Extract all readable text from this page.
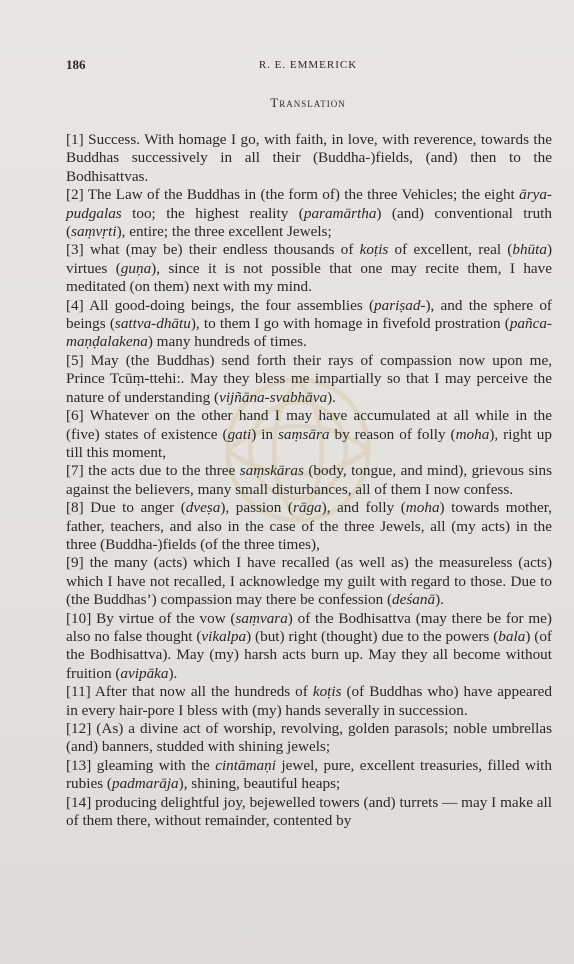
186	R. E. EMMERICK
Translation

[1] Success. With homage I go, with faith, in love, with reverence, towards the Buddhas successively in all their (Buddha-)fields, (and) then to the Bodhisattvas.

[2] The Law of the Buddhas in (the form of) the three Vehicles; the eight ārya-pudgalas too; the highest reality (paramārtha) (and) conventional truth (saṃvṛti), entire; the three excellent Jewels;

[3] what (may be) their endless thousands of koṭis of excellent, real (bhūta) virtues (guṇa), since it is not possible that one may recite them, I have meditated (on them) next with my mind.

[4] All good-doing beings, the four assemblies (pariṣad-), and the sphere of beings (sattva-dhātu), to them I go with homage in fivefold prostration (pañca-maṇḍalakena) many hundreds of times.

[5] May (the Buddhas) send forth their rays of compassion now upon me, Prince Tcūṃ-ttehi:. May they bless me impartially so that I may perceive the nature of understanding (vijñāna-svabhāva).

[6] Whatever on the other hand I may have accumulated at all while in the (five) states of existence (gati) in saṃsāra by reason of folly (moha), right up till this moment,

[7] the acts due to the three saṃskāras (body, tongue, and mind), grievous sins against the believers, many small disturbances, all of them I now confess.

[8] Due to anger (dveṣa), passion (rāga), and folly (moha) towards mother, father, teachers, and also in the case of the three Jewels, all (my acts) in the three (Buddha-)fields (of the three times),

[9] the many (acts) which I have recalled (as well as) the measureless (acts) which I have not recalled, I acknowledge my guilt with regard to those. Due to (the Buddhas’) compassion may there be confession (deśanā).

[10] By virtue of the vow (saṃvara) of the Bodhisattva (may there be for me) also no false thought (vikalpa) (but) right (thought) due to the powers (bala) (of the Bodhisattva). May (my) harsh acts burn up. May they all become without fruition (avipāka).

[11] After that now all the hundreds of koṭis (of Buddhas who) have appeared in every hair-pore I bless with (my) hands severally in succession.

[12] (As) a divine act of worship, revolving, golden parasols; noble umbrellas (and) banners, studded with shining jewels;

[13] gleaming with the cintāmaṇi jewel, pure, excellent treasuries, filled with rubies (padmarāja), shining, beautiful heaps;

[14] producing delightful joy, bejewelled towers (and) turrets — may I make all of them there, without remainder, contented by
